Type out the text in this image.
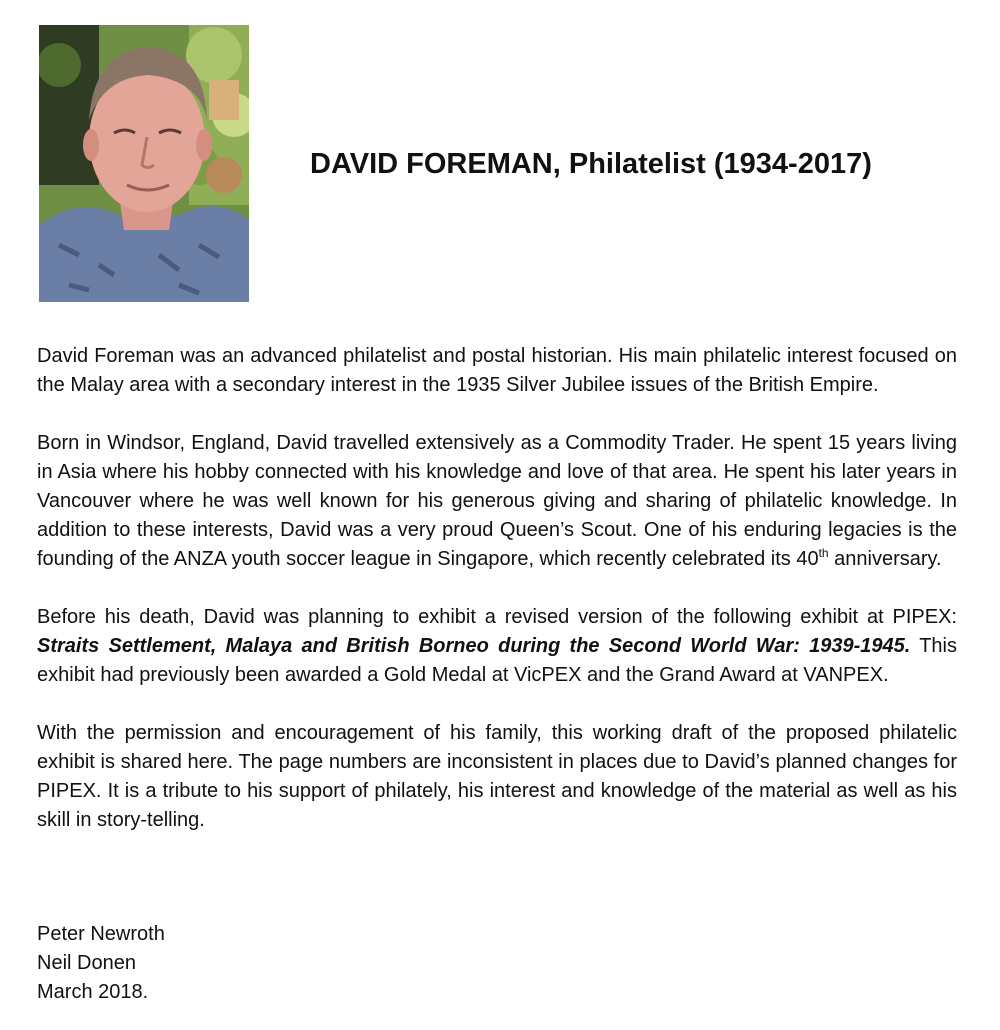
DAVID FOREMAN, Philatelist (1934-2017)

David Foreman was an advanced philatelist and postal historian. His main philatelic interest focused on the Malay area with a secondary interest in the 1935 Silver Jubilee issues of the British Empire.

Born in Windsor, England, David travelled extensively as a Commodity Trader. He spent 15 years living in Asia where his hobby connected with his knowledge and love of that area. He spent his later years in Vancouver where he was well known for his generous giving and sharing of philatelic knowledge. In addition to these interests, David was a very proud Queen’s Scout. One of his enduring legacies is the founding of the ANZA youth soccer league in Singapore, which recently celebrated its 40th anniversary.

Before his death, David was planning to exhibit a revised version of the following exhibit at PIPEX: Straits Settlement, Malaya and British Borneo during the Second World War: 1939-1945. This exhibit had previously been awarded a Gold Medal at VicPEX and the Grand Award at VANPEX.

With the permission and encouragement of his family, this working draft of the proposed philatelic exhibit is shared here. The page numbers are inconsistent in places due to David’s planned changes for PIPEX. It is a tribute to his support of philately, his interest and knowledge of the material as well as his skill in story-telling.

Peter Newroth
Neil Donen
March 2018.
